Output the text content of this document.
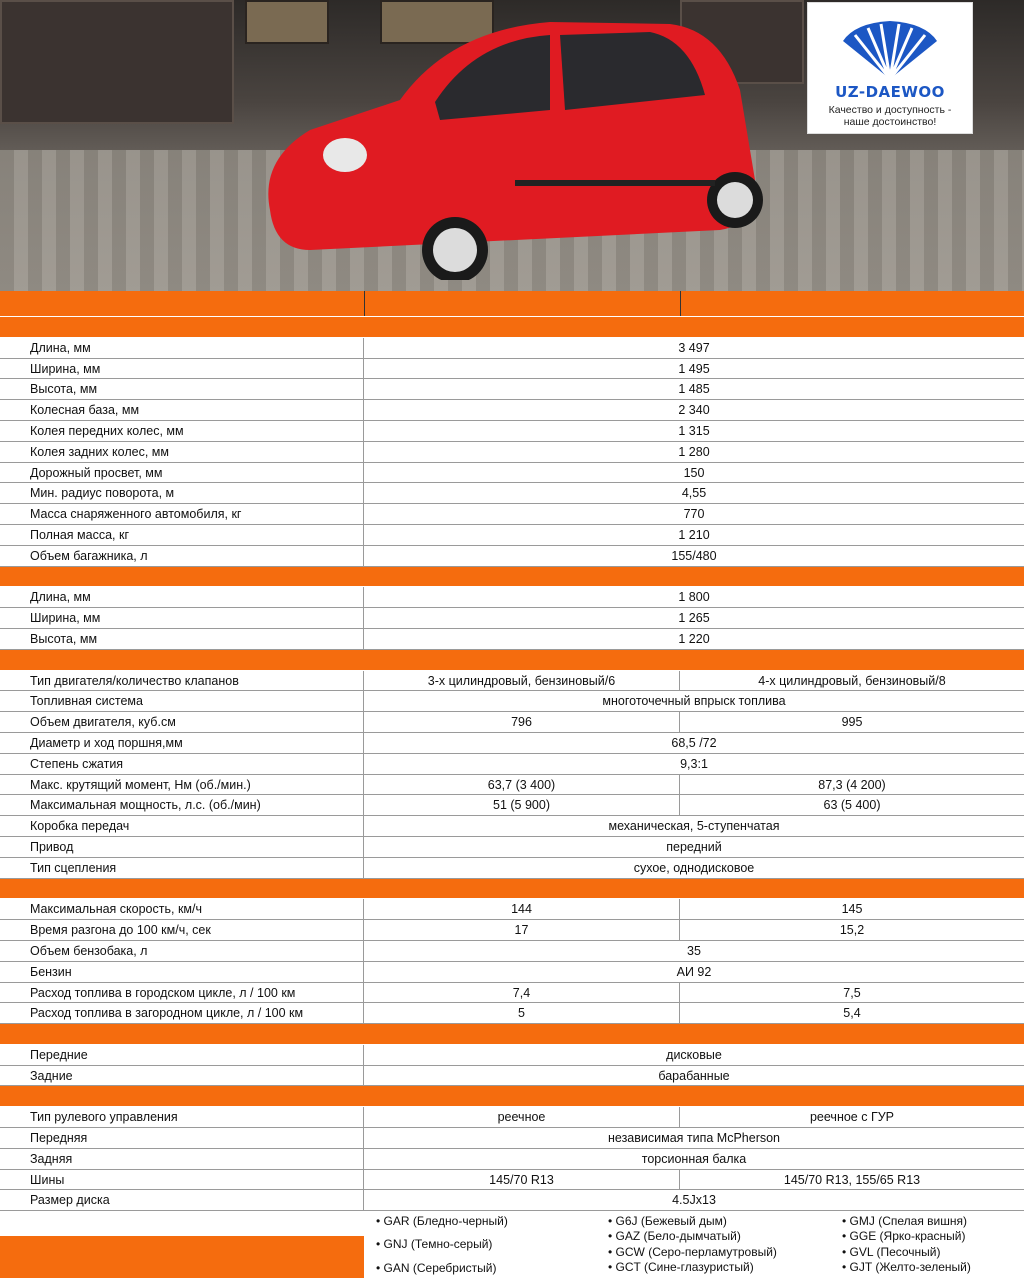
UZ-DAEWOO
Качество и доступность -
наше достоинство!
Длина, мм	3 497
Ширина, мм	1 495
Высота, мм	1 485
Колесная база, мм	2 340
Колея передних колес, мм	1 315
Колея задних колес, мм	1 280
Дорожный просвет, мм	150
Мин. радиус поворота, м	4,55
Масса снаряженного автомобиля, кг	770
Полная масса, кг	1 210
Объем багажника, л	155/480
Длина, мм	1 800
Ширина, мм	1 265
Высота, мм	1 220
Тип двигателя/количество клапанов	3-х цилиндровый, бензиновый/6	4-х цилиндровый, бензиновый/8
Топливная система	многоточечный впрыск топлива
Объем двигателя, куб.см	796	995
Диаметр и ход поршня,мм	68,5 /72
Степень сжатия	9,3:1
Макс. крутящий момент, Нм (об./мин.)	63,7 (3 400)	87,3 (4 200)
Максимальная мощность, л.с. (об./мин)	51 (5 900)	63 (5 400)
Коробка передач	механическая, 5-ступенчатая
Привод	передний
Тип сцепления	сухое, однодисковое
Максимальная скорость, км/ч	144	145
Время разгона до 100 км/ч, сек	17	15,2
Объем бензобака, л	35
Бензин	АИ 92
Расход топлива в городском цикле, л / 100 км	7,4	7,5
Расход топлива в загородном цикле, л / 100 км	5	5,4
Передние	дисковые
Задние	барабанные
Тип рулевого управления	реечное	реечное с ГУР
Передняя	независимая типа McPherson
Задняя	торсионная балка
Шины	145/70 R13	145/70 R13, 155/65 R13
Размер диска	4.5Jx13
• GAR (Бледно-черный)
• GNJ (Темно-серый)
• GAN (Серебристый)
• G6J (Бежевый дым)
• GAZ (Бело-дымчатый)
• GCW (Серо-перламутровый)
• GCT (Сине-глазуристый)
• GMJ (Спелая вишня)
• GGE (Ярко-красный)
• GVL (Песочный)
• GJT (Желто-зеленый)
